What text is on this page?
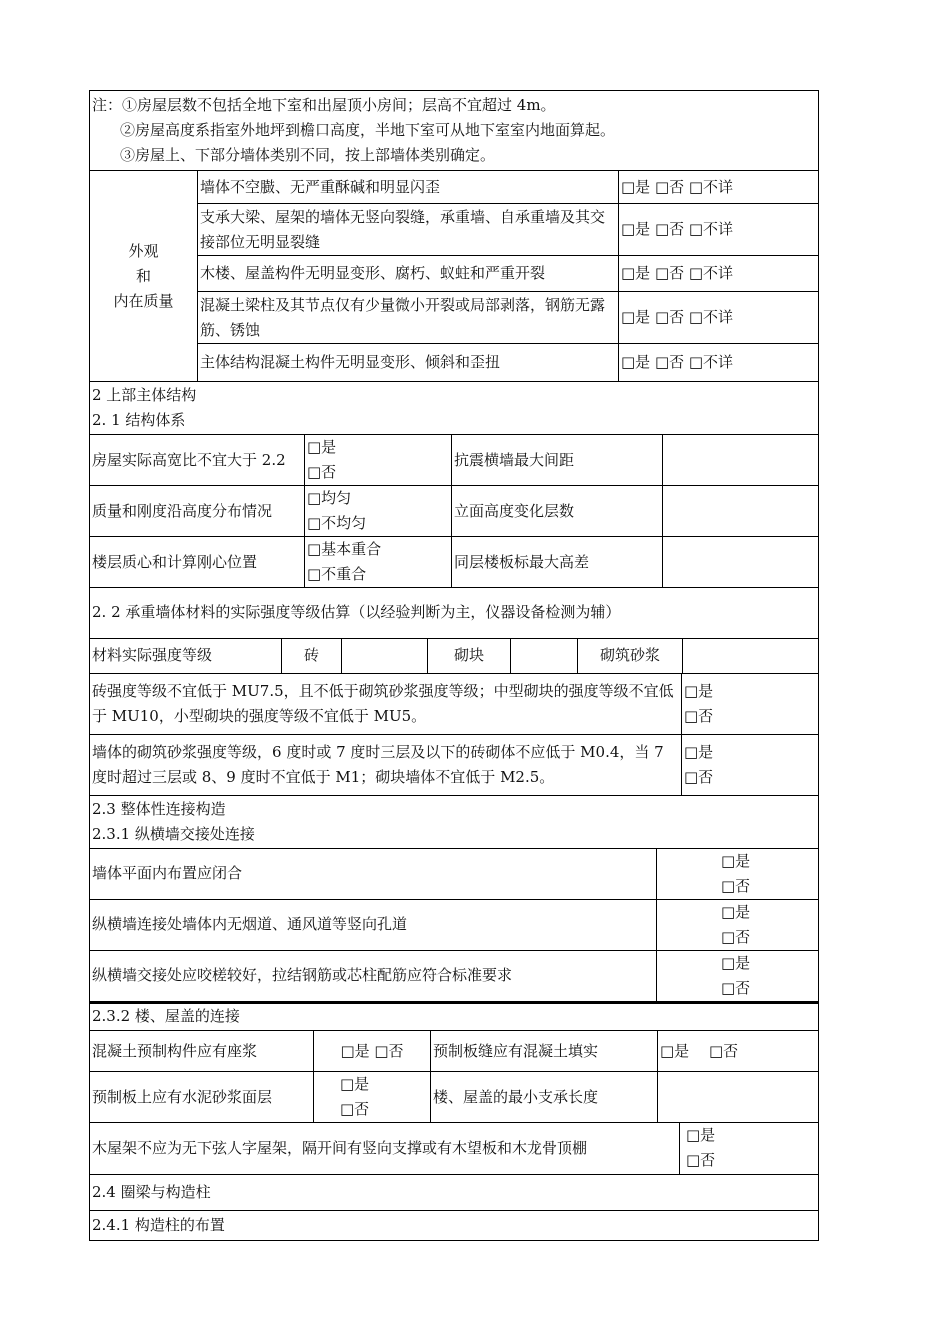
注：①房屋层数不包括全地下室和出屋顶小房间；层高不宜超过 4m。
②房屋高度系指室外地坪到檐口高度，半地下室可从地下室室内地面算起。
③房屋上、下部分墙体类别不同，按上部墙体类别确定。		

外观
和
内在质量	墙体不空臌、无严重酥碱和明显闪歪	□是 □否 □不详
	支承大梁、屋架的墙体无竖向裂缝，承重墙、自承重墙及其交接部位无明显裂缝	□是 □否 □不详
	木楼、屋盖构件无明显变形、腐朽、蚁蛀和严重开裂	□是 □否 □不详
	混凝土梁柱及其节点仅有少量微小开裂或局部剥落，钢筋无露筋、锈蚀	□是 □否 □不详
	主体结构混凝土构件无明显变形、倾斜和歪扭	□是 □否 □不详
2 上部主体结构
2. 1 结构体系			

房屋实际高宽比不宜大于 2.2	□是
□否	抗震横墙最大间距	
质量和刚度沿高度分布情况	□均匀
□不均匀	立面高度变化层数	
楼层质心和计算刚心位置	□基本重合
□不重合	同层楼板标最大高差	
2. 2 承重墙体材料的实际强度等级估算（以经验判断为主，仪器设备检测为辅）
材料实际强度等级	砖		砌块		砌筑砂浆	
砖强度等级不宜低于 MU7.5，且不低于砌筑砂浆强度等级；中型砌块的强度等级不宜低于 MU10，小型砌块的强度等级不宜低于 MU5。	□是
□否

墙体的砌筑砂浆强度等级，6 度时或 7 度时三层及以下的砖砌体不应低于 M0.4，当 7 度时超过三层或 8、9 度时不宜低于 M1；砌块墙体不宜低于 M2.5。	□是
□否
2.3 整体性连接构造
2.3.1 纵横墙交接处连接	

墙体平面内布置应闭合	□是
□否

纵横墙连接处墙体内无烟道、通风道等竖向孔道	□是
□否

纵横墙交接处应咬槎较好，拉结钢筋或芯柱配筋应符合标准要求	□是
□否
2.3.2 楼、屋盖的连接			
混凝土预制构件应有座浆	□是 □否	预制板缝应有混凝土填实	□是　 □否
预制板上应有水泥砂浆面层	□是
□否	楼、屋盖的最小支承长度	
木屋架不应为无下弦人字屋架，隔开间有竖向支撑或有木望板和木龙骨顶棚	
□是
□否

2.4 圈梁与构造柱
2.4.1 构造柱的布置
